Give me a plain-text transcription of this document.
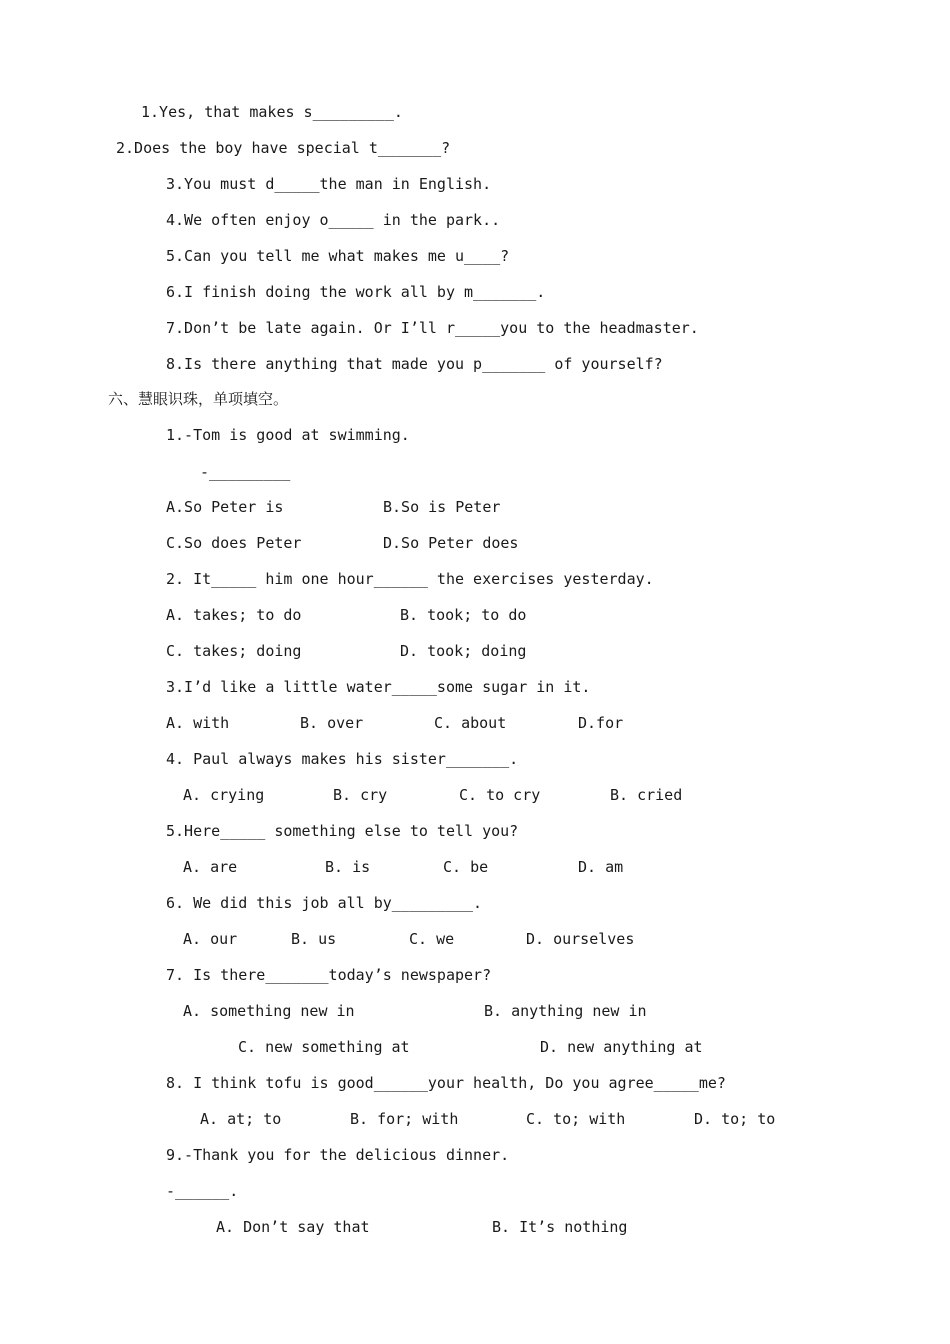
1.Yes, that makes s_________.
2.Does the boy have special t_______?
3.You must d_____the man in English.
4.We often enjoy o_____ in the park..
5.Can you tell me what makes me u____?
6.I finish doing the work all by m_______.
7.Don’t be late again. Or I’ll r_____you to the headmaster.
8.Is there anything that made you p_______ of yourself?
六、慧眼识珠，单项填空。
1.-Tom is good at swimming.
-_________
A.So Peter is	B.So is Peter
C.So does Peter	D.So Peter does
2. It_____ him one hour______ the exercises yesterday.
A. takes; to do	B. took; to do
C. takes; doing	D. took; doing
3.I’d like a little water_____some sugar in it.
A. with	B. over	C. about	D.for
4. Paul always makes his sister_______.
A. crying	B. cry	C. to cry	B. cried
5.Here_____ something else to tell you?
A. are	B. is	C. be	D. am
6. We did this job all by_________.
A. our	B. us	C. we	D. ourselves
7. Is there_______today’s newspaper?
A. something new in	B. anything new in
C. new something at	D. new anything at
8. I think tofu is good______your health, Do you agree_____me?
A. at; to	B. for; with	C. to; with	D. to; to
9.-Thank you for the delicious dinner.
-______.
A. Don’t say that	B. It’s nothing
